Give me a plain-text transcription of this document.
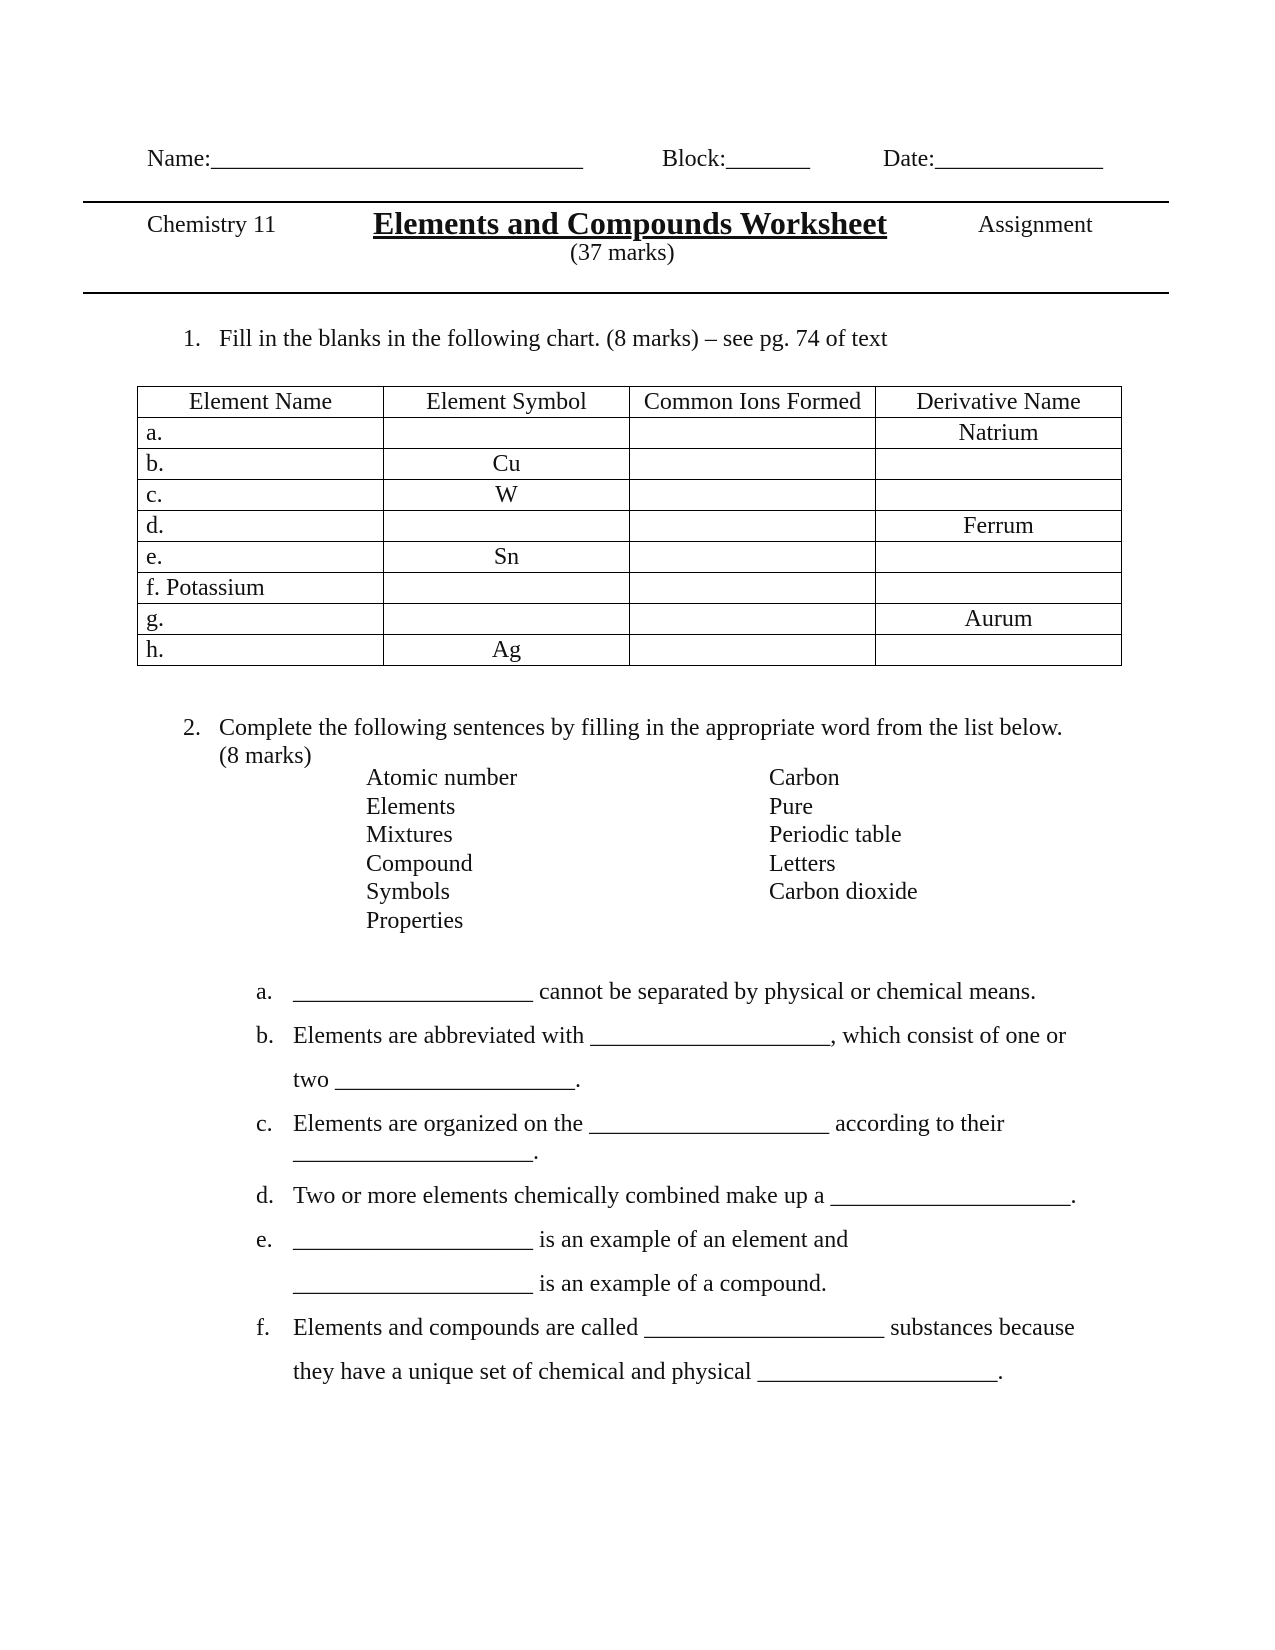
Name:_______________________________	Block:_______	Date:______________
Chemistry 11	Elements and Compounds Worksheet
(37 marks)
Assignment
1. Fill in the blanks in the following chart. (8 marks) – see pg. 74 of text
Element Name	Element Symbol	Common Ions Formed	Derivative Name
a.			Natrium
b.	Cu		
c.	W		
d.			Ferrum
e.	Sn		
f. Potassium			
g.			Aurum
h.	Ag		
2. Complete the following sentences by filling in the appropriate word from the list below.
(8 marks)
Atomic number
Elements
Mixtures
Compound
Symbols
Properties
Carbon
Pure
Periodic table
Letters
Carbon dioxide
a. ____________________ cannot be separated by physical or chemical means.
b. Elements are abbreviated with ____________________, which consist of one or
two ____________________.
c. Elements are organized on the ____________________ according to their
____________________.
d. Two or more elements chemically combined make up a ____________________.
e. ____________________ is an example of an element and
____________________ is an example of a compound.
f. Elements and compounds are called ____________________ substances because
they have a unique set of chemical and physical ____________________.
